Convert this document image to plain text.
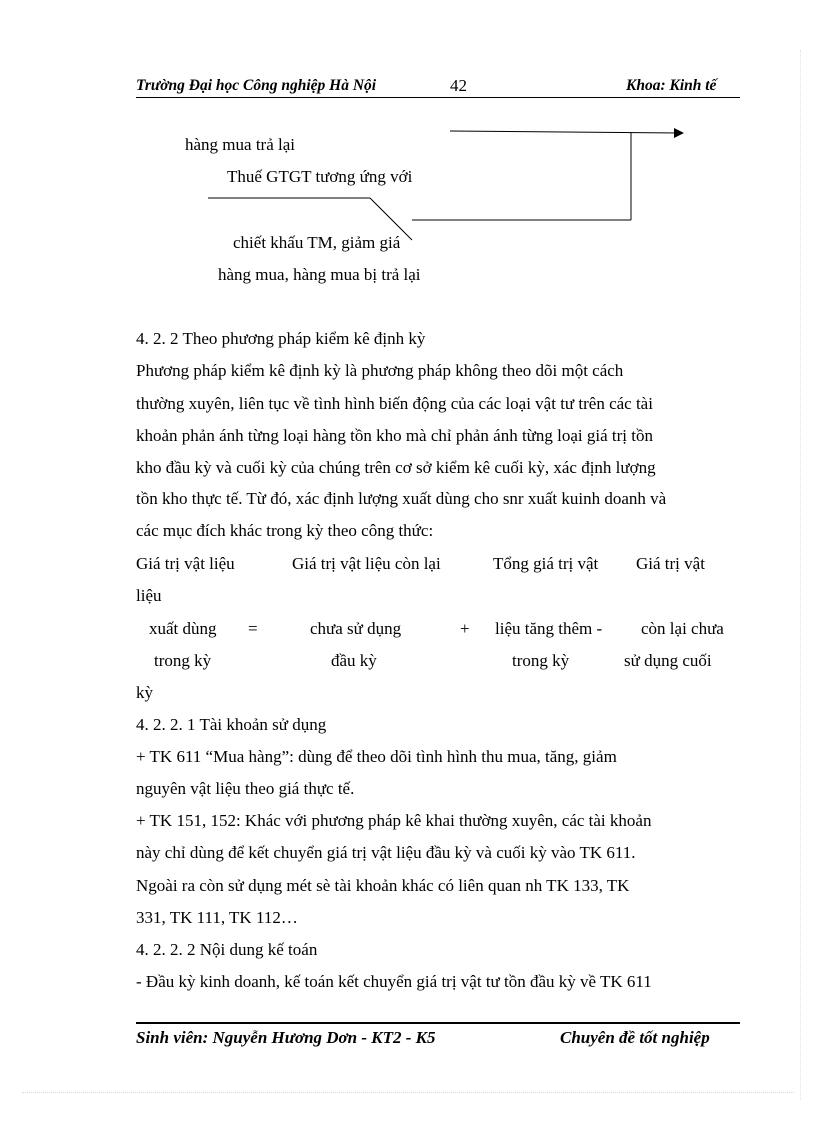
Trường Đại học Công nghiệp Hà Nội	42	Khoa: Kinh tế
hàng mua trả lại
Thuế GTGT tương ứng với
chiết khấu TM, giảm giá
hàng mua, hàng mua bị trả lại
4. 2. 2 Theo phương pháp kiểm kê định kỳ
Phương pháp kiểm kê định kỳ là phương pháp không theo dõi một cách
thường xuyên, liên tục về tình hình biến động của các loại vật tư trên các tài
khoản phản ánh từng loại hàng tồn kho mà chỉ phản ánh từng loại giá trị tồn
kho đầu kỳ và cuối kỳ của chúng trên cơ sở kiểm kê cuối kỳ, xác định lượng
tồn kho thực tế. Từ đó, xác định lượng xuất dùng cho snr xuất kuinh doanh và
các mục đích khác trong kỳ theo công thức:
Giá trị vật liệu	Giá trị vật liệu còn lại	Tổng giá trị vật Giá trị vật
liệu
xuất dùng =	chưa sử dụng	+ liệu tăng thêm - còn lại chưa
trong kỳ	đầu kỳ	trong kỳ	sử dụng cuối
kỳ
4. 2. 2. 1 Tài khoản sử dụng
+ TK 611 “Mua hàng”: dùng để theo dõi tình hình thu mua, tăng, giảm
nguyên vật liệu theo giá thực tế.
+ TK 151, 152: Khác với phương pháp kê khai thường xuyên, các tài khoản
này chỉ dùng để kết chuyển giá trị vật liệu đầu kỳ và cuối kỳ vào TK 611.
Ngoài ra còn sử dụng mét sè tài khoản khác có liên quan nh TK 133, TK
331, TK 111, TK 112…
4. 2. 2. 2 Nội dung kế toán
- Đầu kỳ kinh doanh, kế toán kết chuyển giá trị vật tư tồn đầu kỳ về TK 611
Sinh viên: Nguyễn Hương Dơn - KT2 - K5	Chuyên đề tốt nghiệp
